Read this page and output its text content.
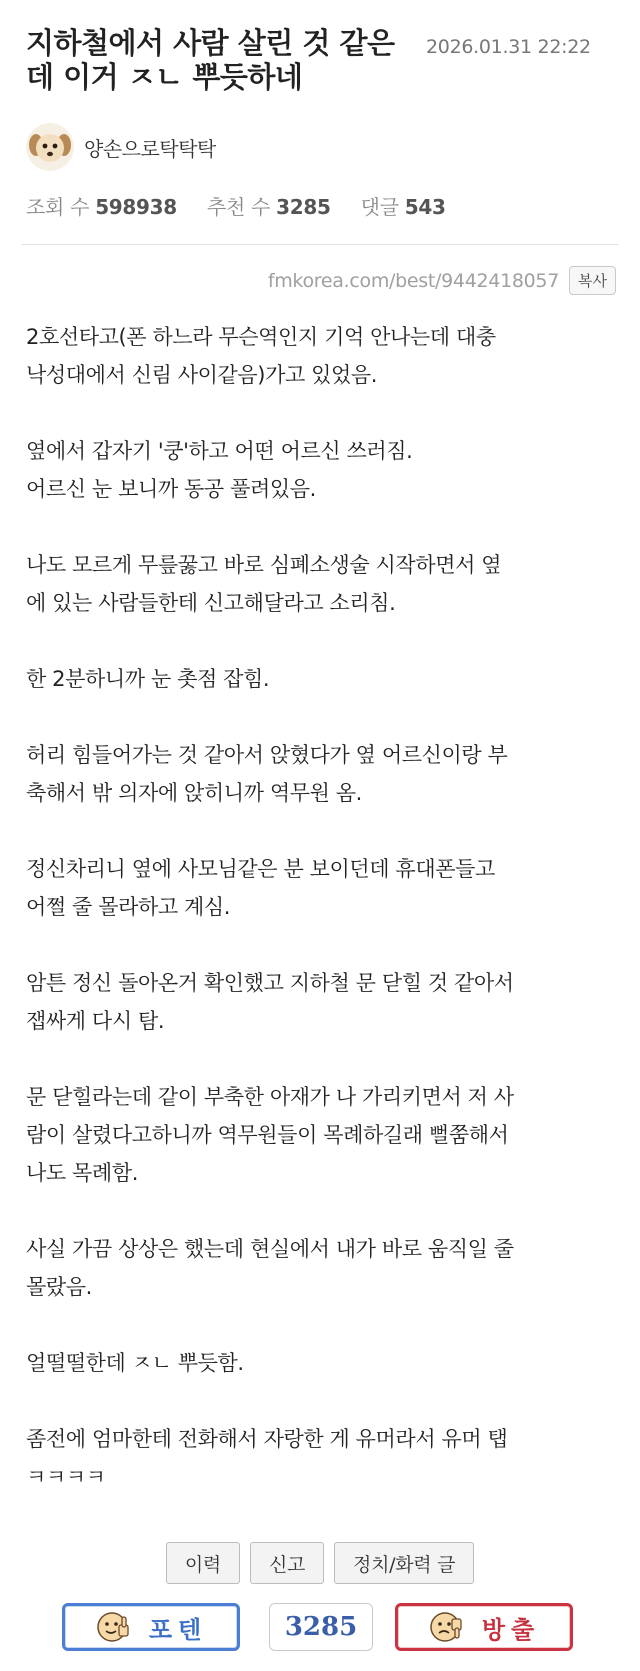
지하철에서 사람 살린 것 같은
데 이거 ㅈㄴ 뿌듯하네
2026.01.31 22:22
양손으로탁탁탁
조회 수 598938 추천 수 3285 댓글 543
fmkorea.com/best/9442418057	복사

2호선타고(폰 하느라 무슨역인지 기억 안나는데 대충
낙성대에서 신림 사이같음)가고 있었음.

옆에서 갑자기 '쿵'하고 어떤 어르신 쓰러짐.
어르신 눈 보니까 동공 풀려있음.

나도 모르게 무릎꿇고 바로 심폐소생술 시작하면서 옆
에 있는 사람들한테 신고해달라고 소리침.

한 2분하니까 눈 촛점 잡힘.

허리 힘들어가는 것 같아서 앉혔다가 옆 어르신이랑 부
축해서 밖 의자에 앉히니까 역무원 옴.

정신차리니 옆에 사모님같은 분 보이던데 휴대폰들고
어쩔 줄 몰라하고 계심.

암튼 정신 돌아온거 확인했고 지하철 문 닫힐 것 같아서
잽싸게 다시 탐.

문 닫힐라는데 같이 부축한 아재가 나 가리키면서 저 사
람이 살렸다고하니까 역무원들이 목례하길래 뻘쭘해서
나도 목례함.

사실 가끔 상상은 했는데 현실에서 내가 바로 움직일 줄
몰랐음.

얼떨떨한데 ㅈㄴ 뿌듯함.

좀전에 엄마한테 전화해서 자랑한 게 유머라서 유머 탭
ㅋㅋㅋㅋ

이력	신고	정치/화력 글
포텐	3285	방출
